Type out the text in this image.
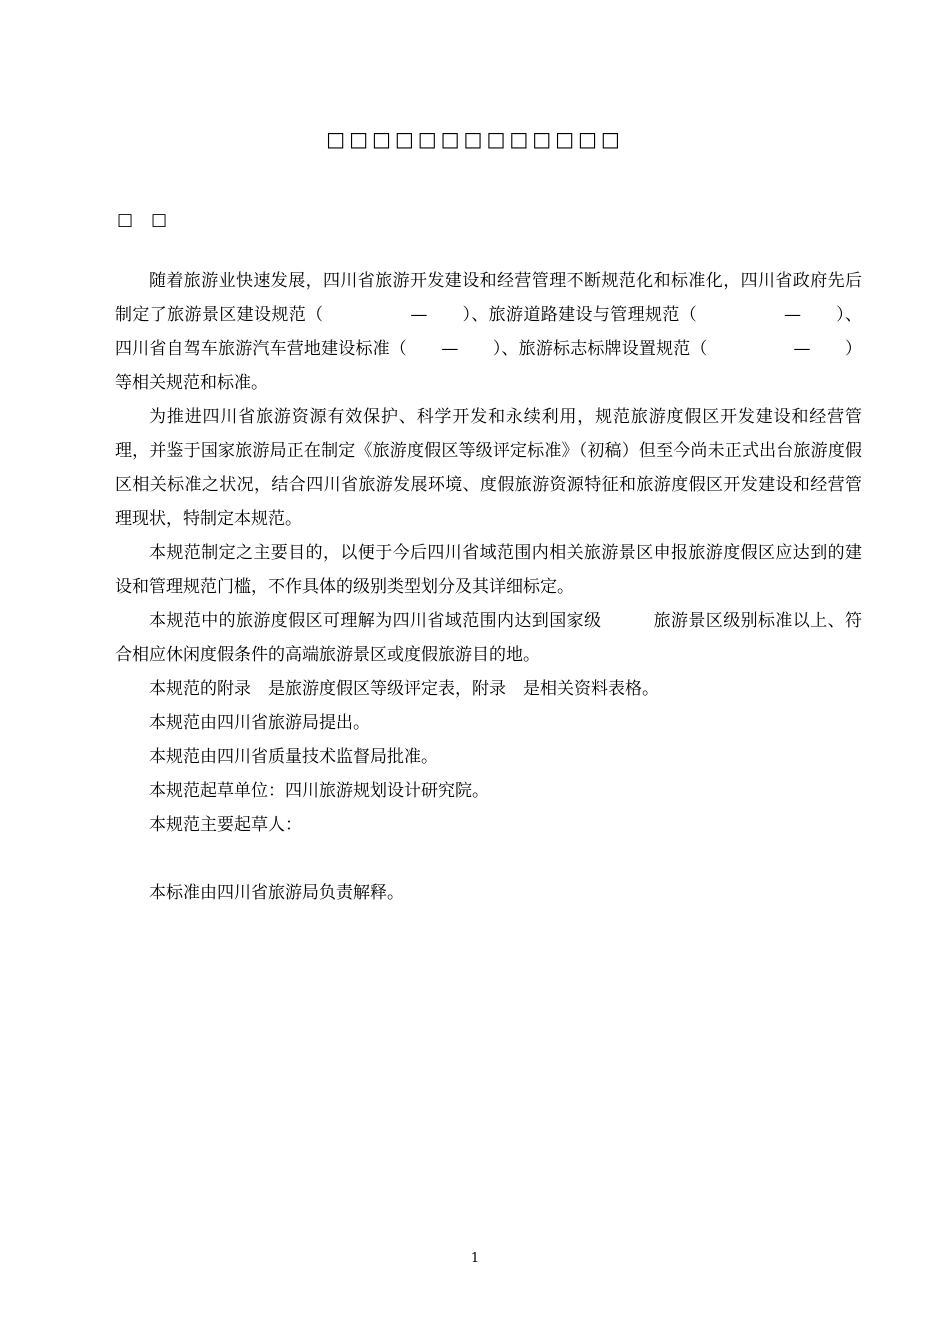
□□□□□□□□□□□□□
□□

随着旅游业快速发展，四川省旅游开发建设和经营管理不断规范化和标准化，四川省政府先后制定了旅游景区建设规范（　　　　　—　　）、旅游道路建设与管理规范（　　　　　—　　）、四川省自驾车旅游汽车营地建设标准（　　—　　）、旅游标志标牌设置规范（　　　　　—　　）等相关规范和标准。

为推进四川省旅游资源有效保护、科学开发和永续利用，规范旅游度假区开发建设和经营管理，并鉴于国家旅游局正在制定《旅游度假区等级评定标准》（初稿）但至今尚未正式出台旅游度假区相关标准之状况，结合四川省旅游发展环境、度假旅游资源特征和旅游度假区开发建设和经营管理现状，特制定本规范。

本规范制定之主要目的，以便于今后四川省域范围内相关旅游景区申报旅游度假区应达到的建设和管理规范门槛，不作具体的级别类型划分及其详细标定。

本规范中的旅游度假区可理解为四川省域范围内达到国家级　　　旅游景区级别标准以上、符合相应休闲度假条件的高端旅游景区或度假旅游目的地。

本规范的附录　是旅游度假区等级评定表，附录　是相关资料表格。

本规范由四川省旅游局提出。

本规范由四川省质量技术监督局批准。

本规范起草单位：四川旅游规划设计研究院。

本规范主要起草人：

本标准由四川省旅游局负责解释。

1
